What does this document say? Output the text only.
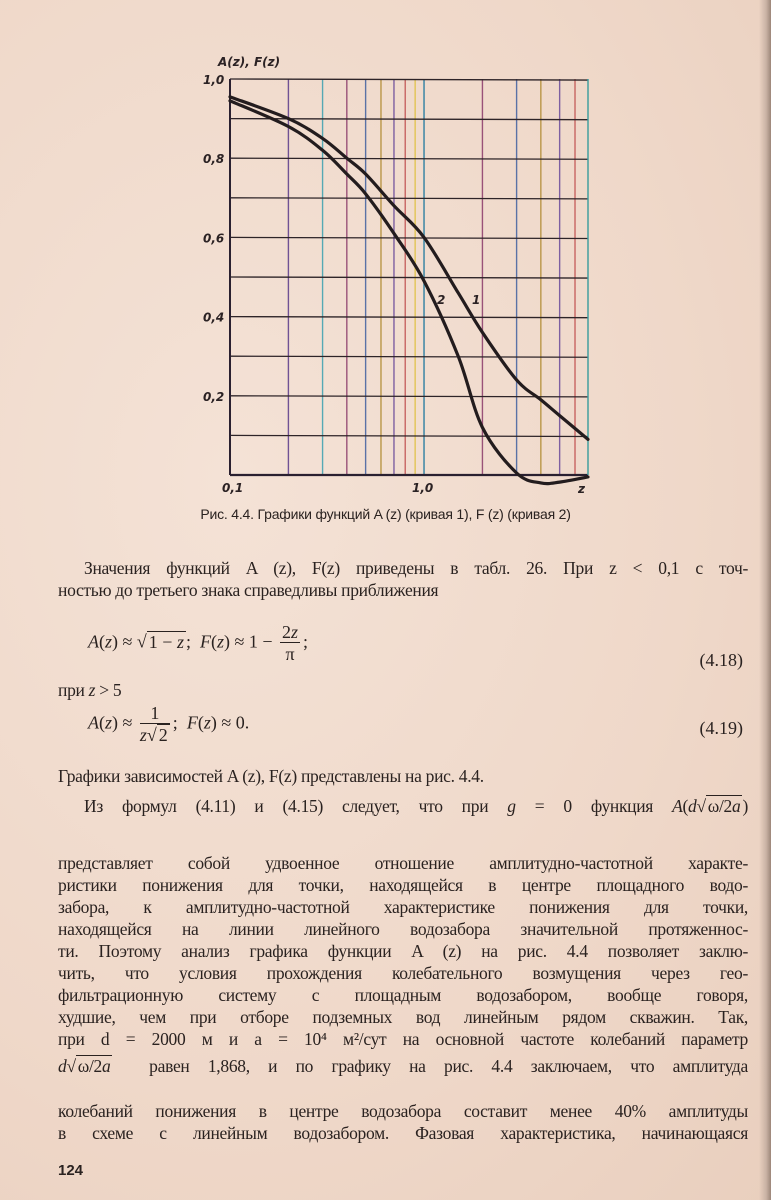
A(z), F(z)
1,0
0,8
0,6
0,4
0,2
0,1	1,0	z
2 1
Рис. 4.4. Графики функций A (z) (кривая 1), F (z) (кривая 2)
Значения функций A (z), F(z) приведены в табл. 26. При z < 0,1 с точ-
ностью до третьего знака справедливы приближения
A(z) ≈ √ 1 − z ;  $F(z) \approx 1 - \frac{2z}{\pi}$ ;
(4.18)
при z > 5
$A(z) \approx \frac{1}{z√ 2}$ ;  F(z) ≈ 0.	(4.19)
Графики зависимостей A (z), F(z) представлены на рис. 4.4.
Из формул (4.11) и (4.15) следует, что при g = 0 функция A(d√ ω/2a )
представляет собой удвоенное отношение амплитудно-частотной характе-
ристики понижения для точки, находящейся в центре площадного водо-
забора, к амплитудно-частотной характеристике понижения для точки,
находящейся на линии линейного водозабора значительной протяженнос-
ти. Поэтому анализ графика функции A (z) на рис. 4.4 позволяет заклю-
чить, что условия прохождения колебательного возмущения через гео-
фильтрационную систему с площадным водозабором, вообще говоря,
худшие, чем при отборе подземных вод линейным рядом скважин. Так,
при d = 2000 м и a = 10⁴ м²/сут на основной частоте колебаний параметр
d√ ω/2a  равен 1,868, и по графику на рис. 4.4 заключаем, что амплитуда
колебаний понижения в центре водозабора составит менее 40% амплитуды
в схеме с линейным водозабором. Фазовая характеристика, начинающаяся
124
